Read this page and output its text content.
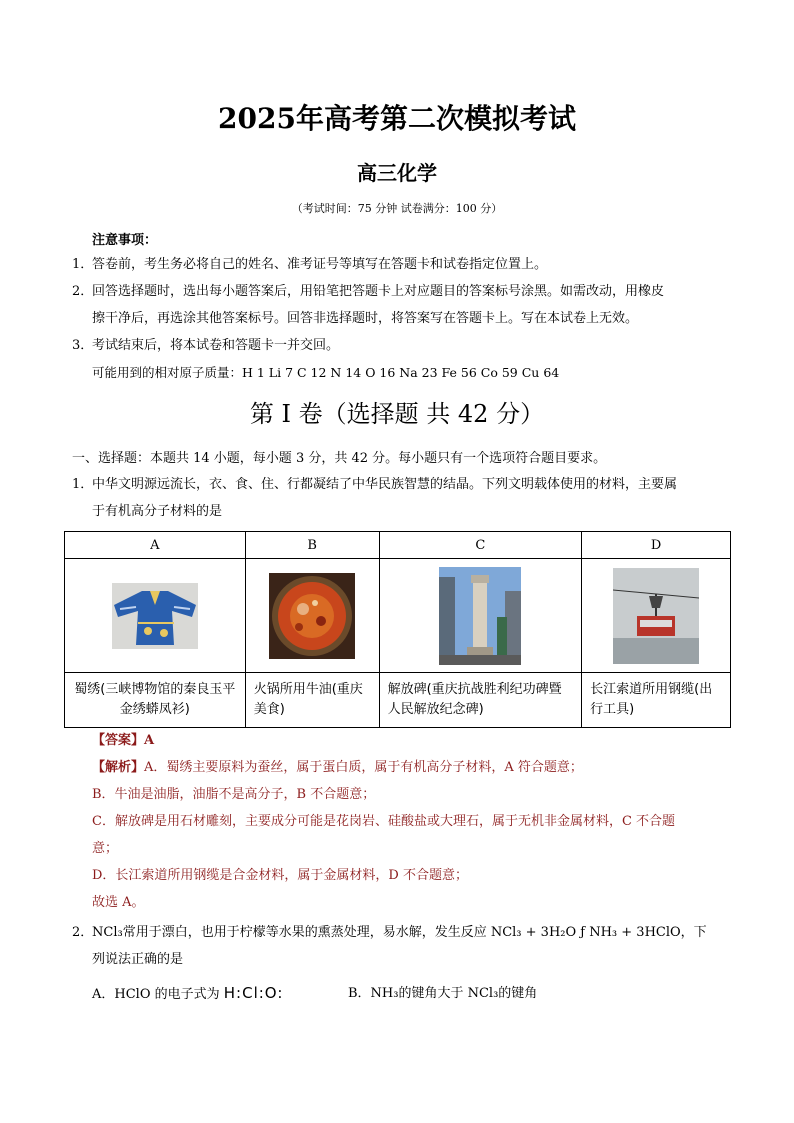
2025年高考第二次模拟考试
高三化学
（考试时间：75 分钟 试卷满分：100 分）
注意事项：
1．
答卷前，考生务必将自己的姓名、准考证号等填写在答题卡和试卷指定位置上。
2．
回答选择题时，选出每小题答案后，用铅笔把答题卡上对应题目的答案标号涂黑。如需改动，用橡皮
擦干净后，再选涂其他答案标号。回答非选择题时，将答案写在答题卡上。写在本试卷上无效。
3．
考试结束后，将本试卷和答题卡一并交回。
可能用到的相对原子质量：H 1 Li 7 C 12 N 14 O 16 Na 23 Fe 56 Co 59 Cu 64
第 I 卷（选择题 共 42 分）
一、选择题：本题共 14 小题，每小题 3 分，共 42 分。每小题只有一个选项符合题目要求。
1．
中华文明源远流长，衣、食、住、行都凝结了中华民族智慧的结晶。下列文明载体使用的材料，主要属
于有机高分子材料的是
A	B	C	D

蜀绣(三峡博物馆的秦良玉平金绣蟒凤衫)	火锅所用牛油(重庆美食)	解放碑(重庆抗战胜利纪功碑暨人民解放纪念碑)	长江索道所用钢缆(出行工具)
【答案】A
【解析】A．蜀绣主要原料为蚕丝，属于蛋白质，属于有机高分子材料，A 符合题意；
B．牛油是油脂，油脂不是高分子，B 不合题意；
C．解放碑是用石材雕刻，主要成分可能是花岗岩、硅酸盐或大理石，属于无机非金属材料，C 不合题
意；
D．长江索道所用钢缆是合金材料，属于金属材料，D 不合题意；
故选 A。
2．
NCl₃常用于漂白，也用于柠檬等水果的熏蒸处理，易水解，发生反应 NCl₃ + 3H₂O ƒ NH₃ + 3HClO，下
列说法正确的是
A．HClO 的电子式为 H:Cl:O:	B．NH₃的键角大于 NCl₃的键角
